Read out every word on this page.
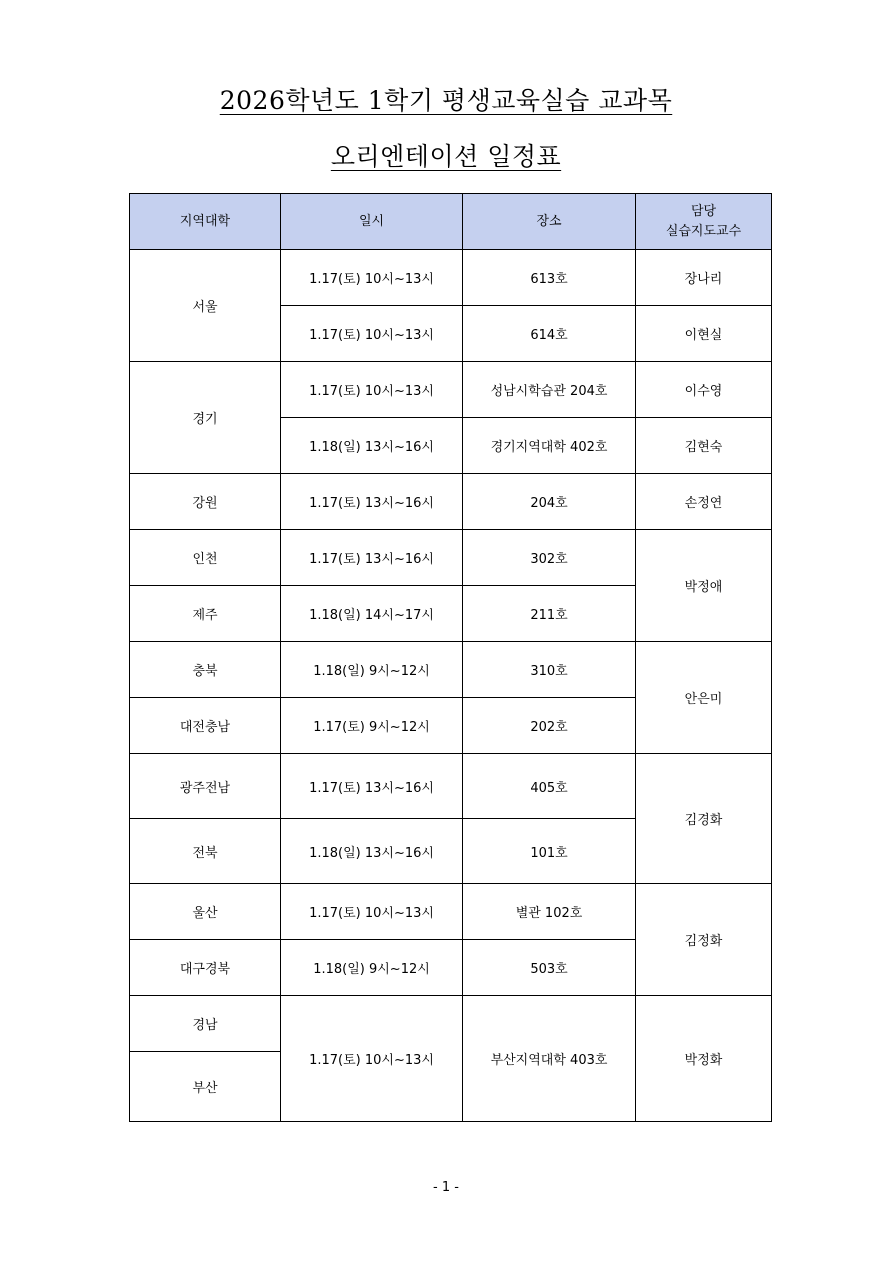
2026학년도 1학기 평생교육실습 교과목
오리엔테이션 일정표
지역대학	일시	장소	담당
실습지도교수

서울	1.17(토) 10시~13시	613호	장나리
	1.17(토) 10시~13시	614호	이현실
경기	1.17(토) 10시~13시	성남시학습관 204호	이수영
	1.18(일) 13시~16시	경기지역대학 402호	김현숙
강원	1.17(토) 13시~16시	204호	손정연
인천	1.17(토) 13시~16시	302호	박정애
제주	1.18(일) 14시~17시	211호	
충북	1.18(일) 9시~12시	310호	안은미
대전충남	1.17(토) 9시~12시	202호	
광주전남	1.17(토) 13시~16시	405호	김경화
전북	1.18(일) 13시~16시	101호	
울산	1.17(토) 10시~13시	별관 102호	김정화
대구경북	1.18(일) 9시~12시	503호	
경남	1.17(토) 10시~13시	부산지역대학 403호	박정화
부산			
- 1 -
